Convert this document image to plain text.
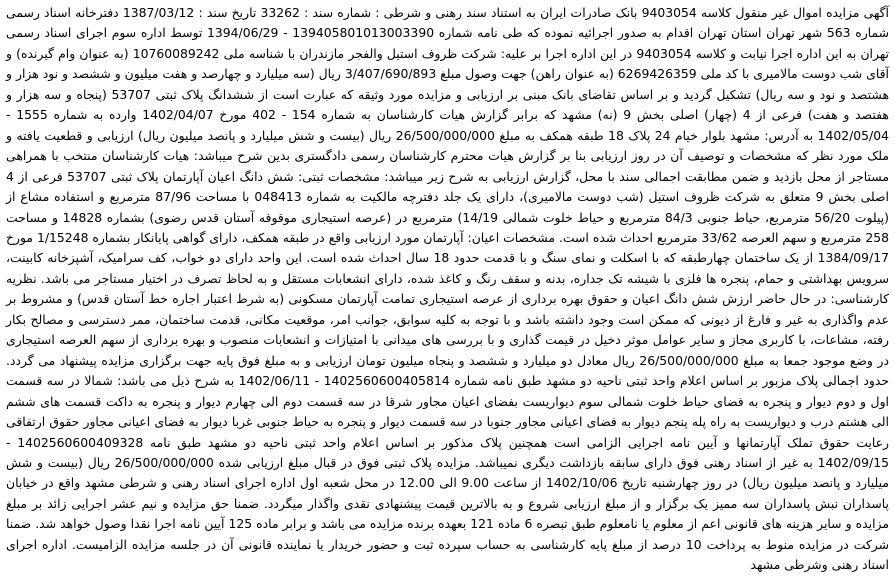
آگهی مزایده اموال غیر منقول کلاسه 9403054 بانک صادرات ایران به استناد سند رهنی و شرطی : شماره سند : 33262 تاریخ سند : 1387/03/12 دفترخانه اسناد رسمی شماره 563 شهر تهران استان تهران اقدام به صدور اجرائیه نموده که طی نامه شماره 139405801013003390 - 1394/06/29 توسط اداره سوم اجرای اسناد رسمی تهران به این اداره اجرا نیابت و کلاسه 9403054 در این اداره اجرا بر علیه: شرکت ظروف استیل والفجر مازندران با شناسه ملی 10760089242 (به عنوان وام گیرنده) و آقای شب دوست مالامیری با کد ملی 6269426359 (به عنوان راهن) جهت وصول مبلغ 3/407/690/893 ریال (سه میلیارد و چهارصد و هفت میلیون و ششصد و نود هزار و هشتصد و نود و سه ریال) تشکیل گردید و بر اساس تقاضای بانک مبنی بر ارزیابی و مزایده مورد وثیقه که عبارت است از ششدانگ پلاک ثبتی 53707 (پنجاه و سه هزار و هفتصد و هفت) فرعی از 4 (چهار) اصلی بخش 9 (نه) مشهد که برابر گزارش هیات کارشناسان به شماره 154 - 402 مورخ 1402/04/07 وارده به شماره 1555 - 1402/05/04 به آدرس: مشهد بلوار خیام 24 پلاک 18 طبقه همکف به مبلغ 26/500/000/000 ریال (بیست و شش میلیارد و پانصد میلیون ریال) ارزیابی و قطعیت یافته و ملک مورد نظر که مشخصات و توصیف آن در روز ارزیابی بنا بر گزارش هیات محترم کارشناسان رسمی دادگستری بدین شرح میباشد: هیات کارشناسان منتخب با همراهی مستاجر از محل بازدید و ضمن مطابقت اجمالی سند با محل، گزارش ارزیابی به شرح زیر میباشد: مشخصات ثبتی: شش دانگ اعیان آپارتمان پلاک ثبتی 53707 فرعی از 4 اصلی بخش 9 متعلق به شرکت ظروف استیل (شب دوست مالامیری)، دارای یک جلد دفترچه مالکیت به شماره 048413 با مساحت 87/96 مترمربع و استفاده مشاع از (پیلوت 56/20 مترمربع، حیاط جنوبی 84/3 مترمربع و حیاط خلوت شمالی 14/19) مترمربع در (عرصه استیجاری موقوفه آستان قدس رضوی) بشماره 14828 و مساحت 258 مترمربع و سهم العرصه 33/62 مترمربع احداث شده است. مشخصات اعیان: آپارتمان مورد ارزیابی واقع در طبقه همکف، دارای گواهی پایانکار بشماره 1/15248 مورخ 1384/09/17 از یک ساختمان چهارطبقه که با اسکلت و نمای سنگ و با قدمت حدود 18 سال احداث شده است. این واحد دارای دو خواب، کف سرامیک، آشپزخانه کابینت، سرویس بهداشتی و حمام، پنجره ها فلزی با شیشه تک جداره، بدنه و سقف رنگ و کاغذ شده، دارای انشعابات مستقل و به لحاظ تصرف در اختیار مستاجر می باشد. نظریه کارشناسی: در حال حاضر ارزش شش دانگ اعیان و حقوق بهره برداری از عرصه استیجاری تمامت آپارتمان مسکونی (به شرط اعتبار اجاره خط آستان قدس) و مشروط بر عدم واگذاری به غیر و فارغ از دیونی که ممکن است وجود داشته باشد و با توجه به کلیه سوابق، جوانب امر، موقعیت مکانی، قدمت ساختمان، ممر دسترسی و مصالح بکار رفته، مشاعات، با کاربری مجاز و سایر عوامل موثر دخیل در قیمت گذاری و با بررسی های میدانی با امتیازات و انشعابات منصوب و بهره برداری از سهم العرصه استیجاری در وضع موجود جمعا به مبلغ 26/500/000/000 ریال معادل دو میلیارد و ششصد و پنجاه میلیون تومان ارزیابی و به مبلغ فوق پایه جهت برگزاری مزایده پیشنهاد می گردد. حدود اجمالی پلاک مزبور بر اساس اعلام واحد ثبتی ناحیه دو مشهد طبق نامه شماره 1402560600405814 - 1402/06/11 به شرح ذیل می باشد: شمالا در سه قسمت اول و دوم دیوار و پنجره به فضای حیاط خلوت شمالی سوم دیواریست بفضای اعیان مجاور شرقا در سه قسمت دوم الی چهارم دیوار و پنجره به داکت قسمت های ششم الی هشتم درب و دیواریست به راه پله پنجم دیوار به فضای اعیانی مجاور جنوبا در سه قسمت دیوار و پنجره به حیاط جنوبی غربا دیوار به فضای اعیانی مجاور حقوق ارتفاقی رعایت حقوق تملک آپارتمانها و آیین نامه اجرایی الزامی است همچنین پلاک مذکور بر اساس اعلام واحد ثبتی ناحیه دو مشهد طبق نامه 1402560600409328 - 1402/09/15 به غیر از اسناد رهنی فوق دارای سابقه بازداشت دیگری نمیباشد. مزایده پلاک ثبتی فوق در قبال مبلغ ارزیابی شده 26/500/000/000 ریال (بیست و شش میلیارد و پانصد میلیون ریال) در روز چهارشنبه تاریخ 1402/10/06 از ساعت 9.00 الی 12.00 در محل شعبه اول اداره اجرای اسناد رهنی و شرطی مشهد واقع در خیابان پاسداران نبش پاسداران سه ممیز یک برگزار و از مبلغ ارزیابی شروع و به بالاترین قیمت پیشنهادی نقدی واگذار میگردد. ضمنا حق مزایده و نیم عشر اجرایی زائد بر مبلغ مزایده و سایر هزینه های قانونی اعم از معلوم یا نامعلوم طبق تبصره 6 ماده 121 بعهده برنده مزایده می باشد و برابر ماده 125 آیین نامه اجرا نقدا وصول خواهد شد. ضمنا شرکت در مزایده منوط به پرداخت 10 درصد از مبلغ پایه کارشناسی به حساب سپرده ثبت و حضور خریدار یا نماینده قانونی آن در جلسه مزایده الزامیست. اداره اجرای اسناد رهنی وشرطی مشهد
